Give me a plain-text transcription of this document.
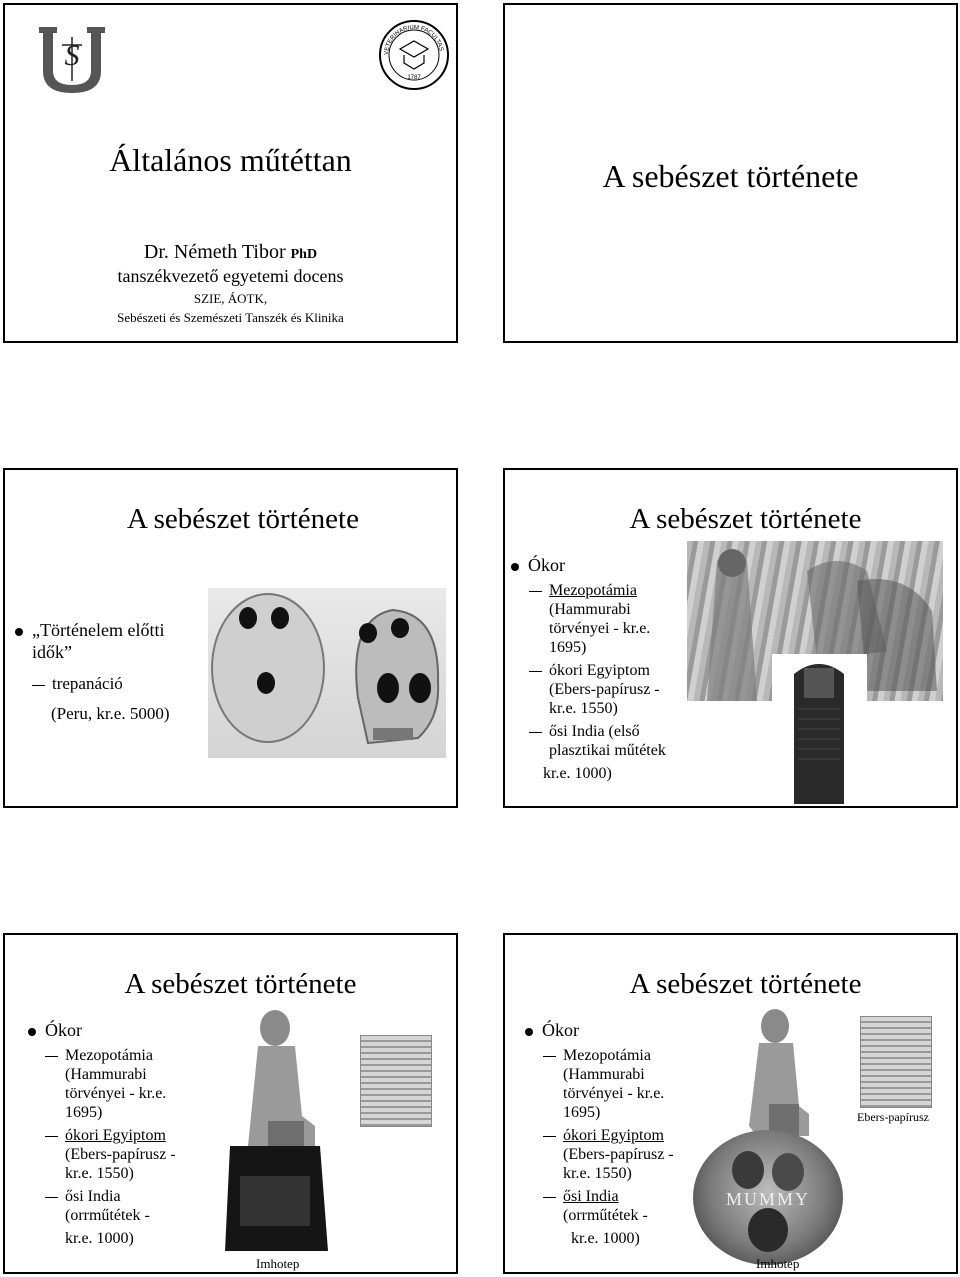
S	VETERINARIUM FACULTAS
1787
Általános műtéttan
Dr. Németh Tibor PhD
tanszékvezető egyetemi docens
SZIE, ÁOTK,
Sebészeti és Szemészeti Tanszék és Klinika
A sebészet története
A sebészet története
„Történelem előtti
idők”
trepanáció
(Peru, kr.e. 5000)
A sebészet története
Ókor
Mezopotámia
(Hammurabi
törvényei - kr.e.
1695)
ókori Egyiptom
(Ebers-papírusz -
kr.e. 1550)
ősi India (első
plasztikai műtétek
kr.e. 1000)
A sebészet története
Ókor
Mezopotámia
(Hammurabi
törvényei - kr.e.
1695)
ókori Egyiptom
(Ebers-papírusz -
kr.e. 1550)
ősi India
(orrműtétek -
kr.e. 1000)
Imhotep
A sebészet története
Ókor
Mezopotámia
(Hammurabi
törvényei - kr.e.
1695)
ókori Egyiptom
(Ebers-papírusz -
kr.e. 1550)
ősi India
(orrműtétek -
kr.e. 1000)
MUMMY
Imhotep
Ebers-papírusz
